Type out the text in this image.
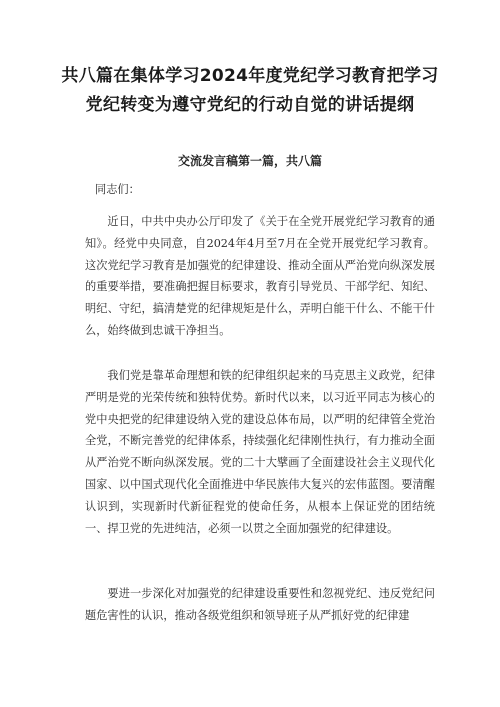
共八篇在集体学习2024年度党纪学习教育把学习
党纪转变为遵守党纪的行动自觉的讲话提纲

交流发言稿第一篇，共八篇

同志们：

近日，中共中央办公厅印发了《关于在全党开展党纪学习教育的通知》。经党中央同意，自2024年4月至7月在全党开展党纪学习教育。这次党纪学习教育是加强党的纪律建设、推动全面从严治党向纵深发展的重要举措，要准确把握目标要求，教育引导党员、干部学纪、知纪、明纪、守纪，搞清楚党的纪律规矩是什么，弄明白能干什么、不能干什么，始终做到忠诚干净担当。

我们党是靠革命理想和铁的纪律组织起来的马克思主义政党，纪律严明是党的光荣传统和独特优势。新时代以来，以习近平同志为核心的党中央把党的纪律建设纳入党的建设总体布局，以严明的纪律管全党治全党，不断完善党的纪律体系，持续强化纪律刚性执行，有力推动全面从严治党不断向纵深发展。党的二十大擘画了全面建设社会主义现代化国家、以中国式现代化全面推进中华民族伟大复兴的宏伟蓝图。要清醒认识到，实现新时代新征程党的使命任务，从根本上保证党的团结统一、捍卫党的先进纯洁，必须一以贯之全面加强党的纪律建设。

要进一步深化对加强党的纪律建设重要性和忽视党纪、违反党纪问题危害性的认识，推动各级党组织和领导班子从严抓好党的纪律建
